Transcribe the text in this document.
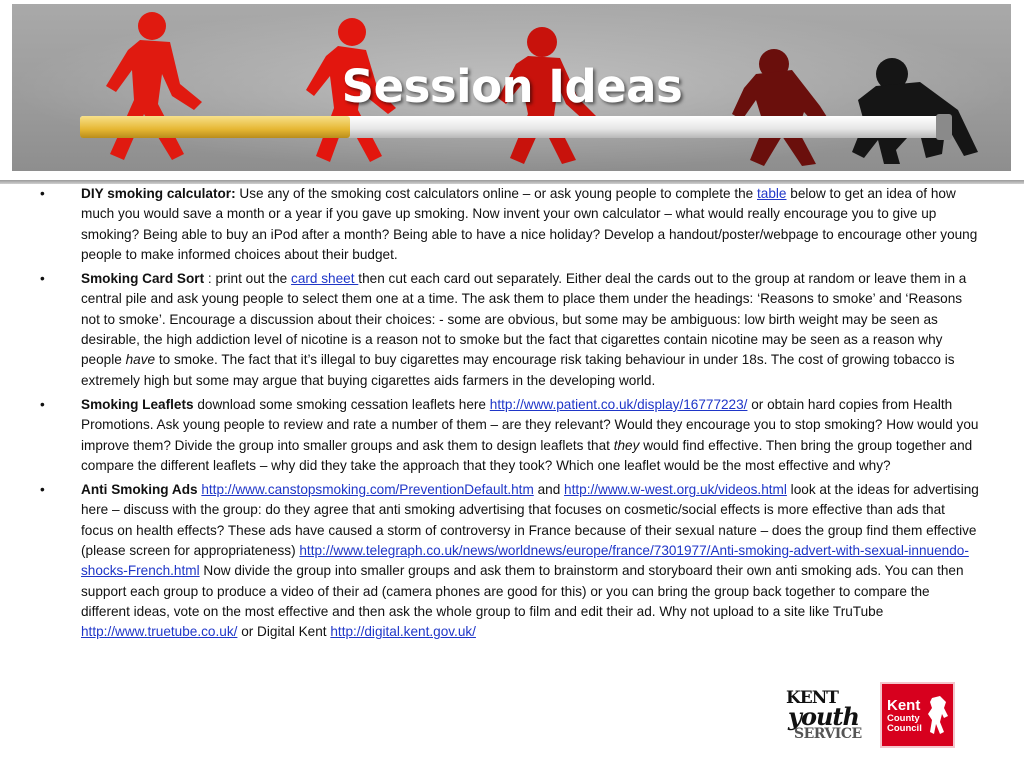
Session Ideas
•	DIY smoking calculator: Use any of the smoking cost calculators online – or ask young people to complete the table below to get an idea of how much you would save a month or a year if you gave up smoking. Now invent your own calculator – what would really encourage you to give up smoking? Being able to buy an iPod after a month? Being able to have a nice holiday? Develop a handout/poster/webpage to encourage other young people to make informed choices about their budget.
•	Smoking Card Sort : print out the card sheet then cut each card out separately. Either deal the cards out to the group at random or leave them in a central pile and ask young people to select them one at a time. The ask them to place them under the headings: ‘Reasons to smoke’ and ‘Reasons not to smoke’. Encourage a discussion about their choices: - some are obvious, but some may be ambiguous: low birth weight may be seen as desirable, the high addiction level of nicotine is a reason not to smoke but the fact that cigarettes contain nicotine may be seen as a reason why people have to smoke. The fact that it’s illegal to buy cigarettes may encourage risk taking behaviour in under 18s. The cost of growing tobacco is extremely high but some may argue that buying cigarettes aids farmers in the developing world.
•	Smoking Leaflets download some smoking cessation leaflets here http://www.patient.co.uk/display/16777223/ or obtain hard copies from Health Promotions. Ask young people to review and rate a number of them – are they relevant? Would they encourage you to stop smoking? How would you improve them? Divide the group into smaller groups and ask them to design leaflets that they would find effective. Then bring the group together and compare the different leaflets – why did they take the approach that they took? Which one leaflet would be the most effective and why?
•	Anti Smoking Ads http://www.canstopsmoking.com/PreventionDefault.htm and http://www.w-west.org.uk/videos.html look at the ideas for advertising here – discuss with the group: do they agree that anti smoking advertising that focuses on cosmetic/social effects is more effective than ads that focus on health effects? These ads have caused a storm of controversy in France because of their sexual nature – does the group find them effective (please screen for appropriateness) http://www.telegraph.co.uk/news/worldnews/europe/france/7301977/Anti-smoking-advert-with-sexual-innuendo-shocks-French.html Now divide the group into smaller groups and ask them to brainstorm and storyboard their own anti smoking ads. You can then support each group to produce a video of their ad (camera phones are good for this) or you can bring the group back together to compare the different ideas, vote on the most effective and then ask the whole group to film and edit their ad. Why not upload to a site like TruTube http://www.truetube.co.uk/ or Digital Kent http://digital.kent.gov.uk/
KENT
youth
SERVICE
Kent
County
Council
